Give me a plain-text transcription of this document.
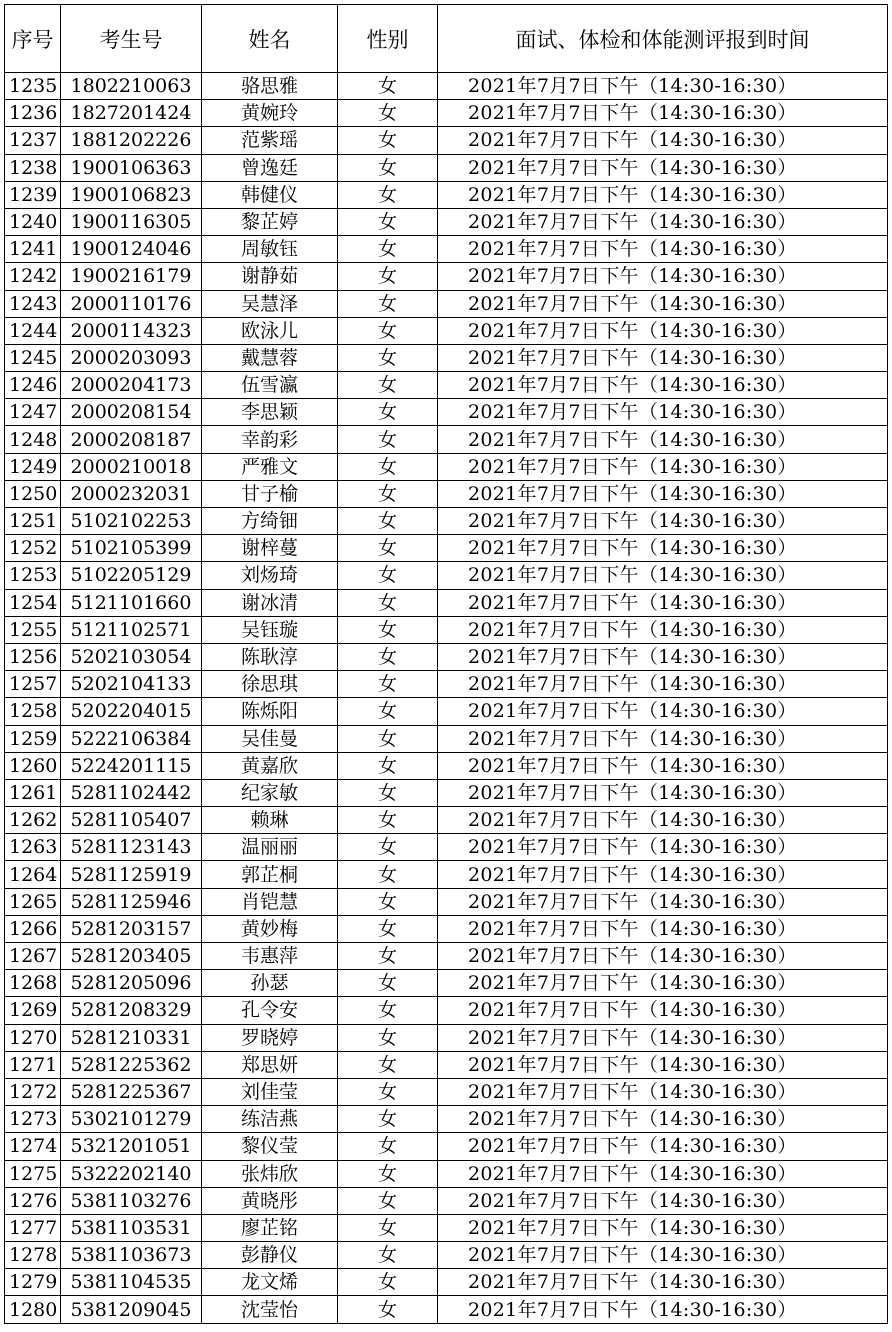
序号	考生号	姓名	性别	面试、体检和体能测评报到时间
1235	1802210063	骆思雅	女	2021年7月7日下午（14:30-16:30）
1236	1827201424	黄婉玲	女	2021年7月7日下午（14:30-16:30）
1237	1881202226	范紫瑶	女	2021年7月7日下午（14:30-16:30）
1238	1900106363	曾逸廷	女	2021年7月7日下午（14:30-16:30）
1239	1900106823	韩健仪	女	2021年7月7日下午（14:30-16:30）
1240	1900116305	黎芷婷	女	2021年7月7日下午（14:30-16:30）
1241	1900124046	周敏钰	女	2021年7月7日下午（14:30-16:30）
1242	1900216179	谢静茹	女	2021年7月7日下午（14:30-16:30）
1243	2000110176	吴慧泽	女	2021年7月7日下午（14:30-16:30）
1244	2000114323	欧泳儿	女	2021年7月7日下午（14:30-16:30）
1245	2000203093	戴慧蓉	女	2021年7月7日下午（14:30-16:30）
1246	2000204173	伍雪瀛	女	2021年7月7日下午（14:30-16:30）
1247	2000208154	李思颖	女	2021年7月7日下午（14:30-16:30）
1248	2000208187	幸韵彩	女	2021年7月7日下午（14:30-16:30）
1249	2000210018	严雅文	女	2021年7月7日下午（14:30-16:30）
1250	2000232031	甘子榆	女	2021年7月7日下午（14:30-16:30）
1251	5102102253	方绮钿	女	2021年7月7日下午（14:30-16:30）
1252	5102105399	谢梓蔓	女	2021年7月7日下午（14:30-16:30）
1253	5102205129	刘炀琦	女	2021年7月7日下午（14:30-16:30）
1254	5121101660	谢冰清	女	2021年7月7日下午（14:30-16:30）
1255	5121102571	吴钰璇	女	2021年7月7日下午（14:30-16:30）
1256	5202103054	陈耿淳	女	2021年7月7日下午（14:30-16:30）
1257	5202104133	徐思琪	女	2021年7月7日下午（14:30-16:30）
1258	5202204015	陈烁阳	女	2021年7月7日下午（14:30-16:30）
1259	5222106384	吴佳曼	女	2021年7月7日下午（14:30-16:30）
1260	5224201115	黄嘉欣	女	2021年7月7日下午（14:30-16:30）
1261	5281102442	纪家敏	女	2021年7月7日下午（14:30-16:30）
1262	5281105407	赖琳	女	2021年7月7日下午（14:30-16:30）
1263	5281123143	温丽丽	女	2021年7月7日下午（14:30-16:30）
1264	5281125919	郭芷桐	女	2021年7月7日下午（14:30-16:30）
1265	5281125946	肖铠慧	女	2021年7月7日下午（14:30-16:30）
1266	5281203157	黄妙梅	女	2021年7月7日下午（14:30-16:30）
1267	5281203405	韦惠萍	女	2021年7月7日下午（14:30-16:30）
1268	5281205096	孙瑟	女	2021年7月7日下午（14:30-16:30）
1269	5281208329	孔令安	女	2021年7月7日下午（14:30-16:30）
1270	5281210331	罗晓婷	女	2021年7月7日下午（14:30-16:30）
1271	5281225362	郑思妍	女	2021年7月7日下午（14:30-16:30）
1272	5281225367	刘佳莹	女	2021年7月7日下午（14:30-16:30）
1273	5302101279	练洁燕	女	2021年7月7日下午（14:30-16:30）
1274	5321201051	黎仪莹	女	2021年7月7日下午（14:30-16:30）
1275	5322202140	张炜欣	女	2021年7月7日下午（14:30-16:30）
1276	5381103276	黄晓彤	女	2021年7月7日下午（14:30-16:30）
1277	5381103531	廖芷铭	女	2021年7月7日下午（14:30-16:30）
1278	5381103673	彭静仪	女	2021年7月7日下午（14:30-16:30）
1279	5381104535	龙文烯	女	2021年7月7日下午（14:30-16:30）
1280	5381209045	沈莹怡	女	2021年7月7日下午（14:30-16:30）
